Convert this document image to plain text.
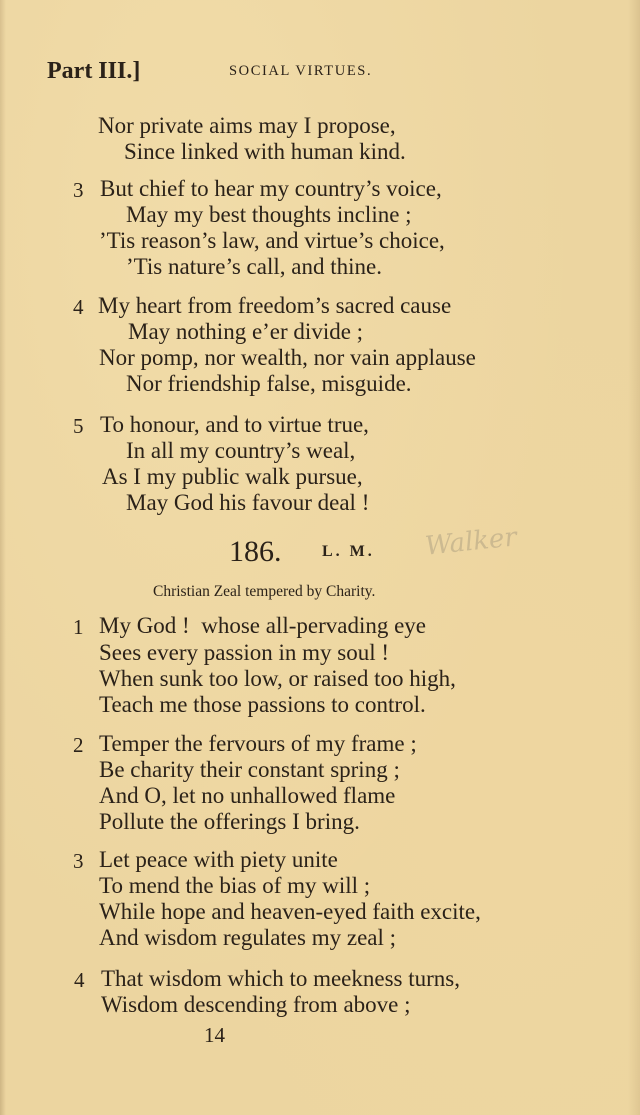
Part III.]	SOCIAL VIRTUES.
Nor private aims may I propose,
Since linked with human kind.
3 But chief to hear my country’s voice,
May my best thoughts incline ;
’Tis reason’s law, and virtue’s choice,
’Tis nature’s call, and thine.
4 My heart from freedom’s sacred cause
May nothing e’er divide ;
Nor pomp, nor wealth, nor vain applause
Nor friendship false, misguide.
5 To honour, and to virtue true,
In all my country’s weal,
As I my public walk pursue,
May God his favour deal !
186.	L. M. Walker
Christian Zeal tempered by Charity.
1 My God !  whose all-pervading eye
Sees every passion in my soul !
When sunk too low, or raised too high,
Teach me those passions to control.
2 Temper the fervours of my frame ;
Be charity their constant spring ;
And O, let no unhallowed flame
Pollute the offerings I bring.
3 Let peace with piety unite
To mend the bias of my will ;
While hope and heaven-eyed faith excite,
And wisdom regulates my zeal ;
4 That wisdom which to meekness turns,
Wisdom descending from above ;
14
